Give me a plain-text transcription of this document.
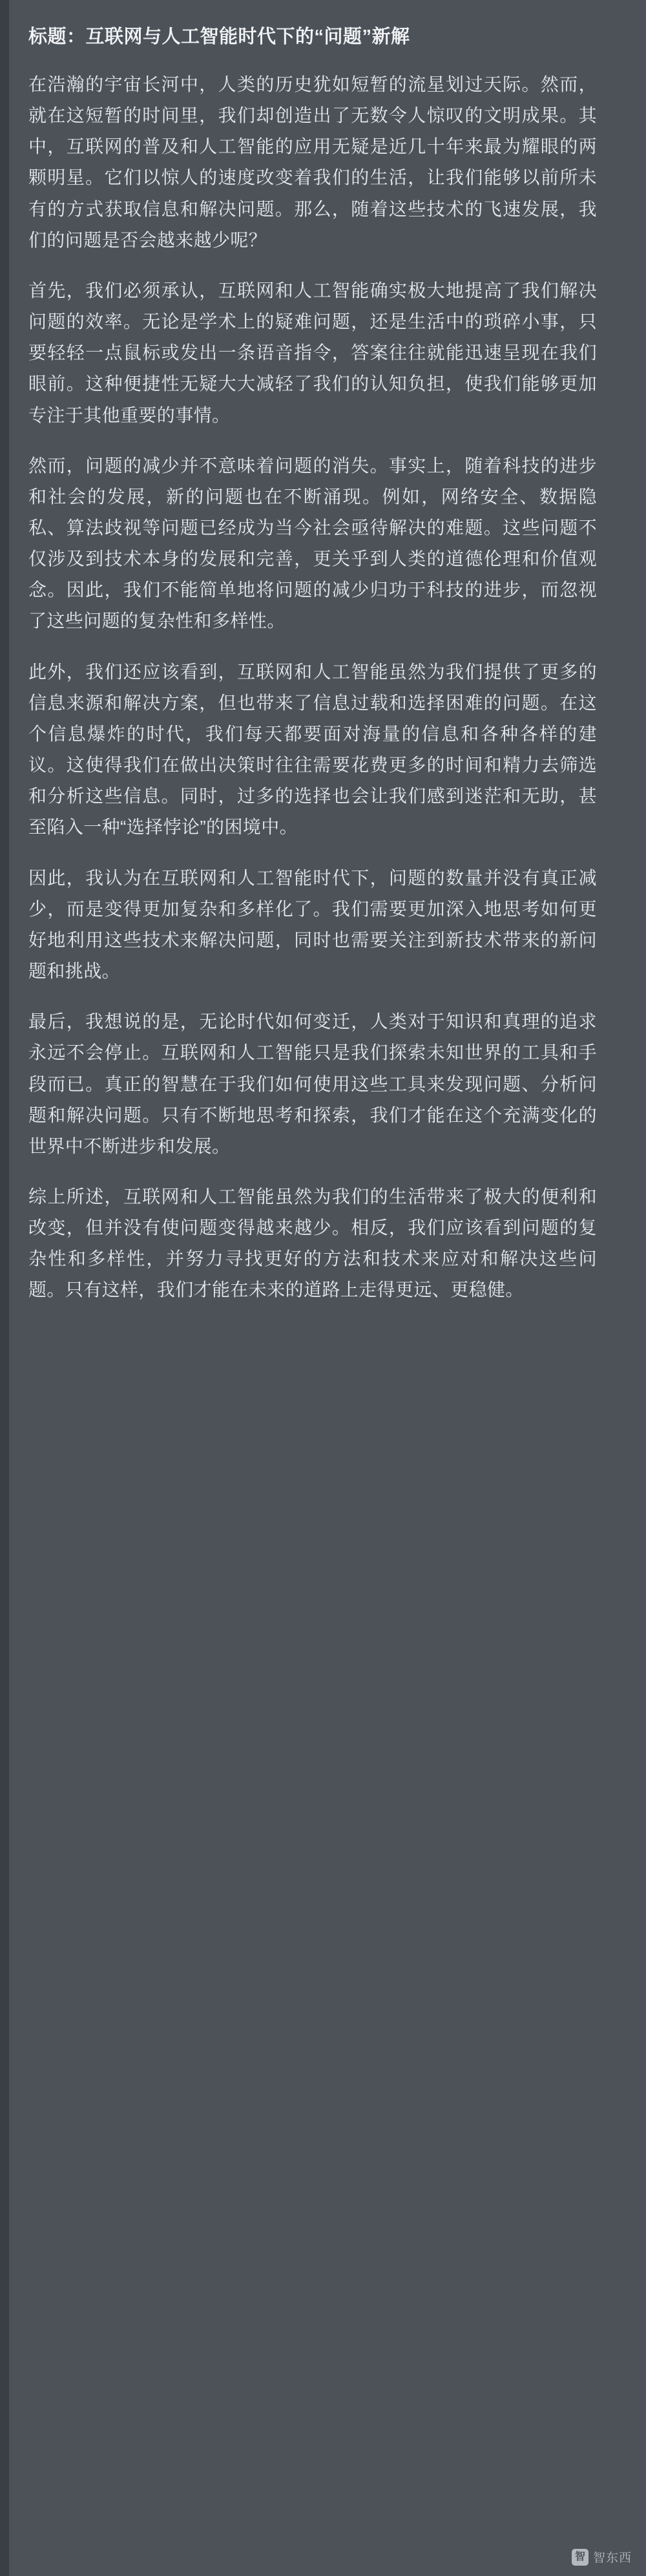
标题：互联网与人工智能时代下的“问题”新解

在浩瀚的宇宙长河中，人类的历史犹如短暂的流星划过天际。然而，就在这短暂的时间里，我们却创造出了无数令人惊叹的文明成果。其中，互联网的普及和人工智能的应用无疑是近几十年来最为耀眼的两颗明星。它们以惊人的速度改变着我们的生活，让我们能够以前所未有的方式获取信息和解决问题。那么，随着这些技术的飞速发展，我们的问题是否会越来越少呢？

首先，我们必须承认，互联网和人工智能确实极大地提高了我们解决问题的效率。无论是学术上的疑难问题，还是生活中的琐碎小事，只要轻轻一点鼠标或发出一条语音指令，答案往往就能迅速呈现在我们眼前。这种便捷性无疑大大减轻了我们的认知负担，使我们能够更加专注于其他重要的事情。

然而，问题的减少并不意味着问题的消失。事实上，随着科技的进步和社会的发展，新的问题也在不断涌现。例如，网络安全、数据隐私、算法歧视等问题已经成为当今社会亟待解决的难题。这些问题不仅涉及到技术本身的发展和完善，更关乎到人类的道德伦理和价值观念。因此，我们不能简单地将问题的减少归功于科技的进步，而忽视了这些问题的复杂性和多样性。

此外，我们还应该看到，互联网和人工智能虽然为我们提供了更多的信息来源和解决方案，但也带来了信息过载和选择困难的问题。在这个信息爆炸的时代，我们每天都要面对海量的信息和各种各样的建议。这使得我们在做出决策时往往需要花费更多的时间和精力去筛选和分析这些信息。同时，过多的选择也会让我们感到迷茫和无助，甚至陷入一种“选择悖论”的困境中。

因此，我认为在互联网和人工智能时代下，问题的数量并没有真正减少，而是变得更加复杂和多样化了。我们需要更加深入地思考如何更好地利用这些技术来解决问题，同时也需要关注到新技术带来的新问题和挑战。

最后，我想说的是，无论时代如何变迁，人类对于知识和真理的追求永远不会停止。互联网和人工智能只是我们探索未知世界的工具和手段而已。真正的智慧在于我们如何使用这些工具来发现问题、分析问题和解决问题。只有不断地思考和探索，我们才能在这个充满变化的世界中不断进步和发展。

综上所述，互联网和人工智能虽然为我们的生活带来了极大的便利和改变，但并没有使问题变得越来越少。相反，我们应该看到问题的复杂性和多样性，并努力寻找更好的方法和技术来应对和解决这些问题。只有这样，我们才能在未来的道路上走得更远、更稳健。

智 智东西
